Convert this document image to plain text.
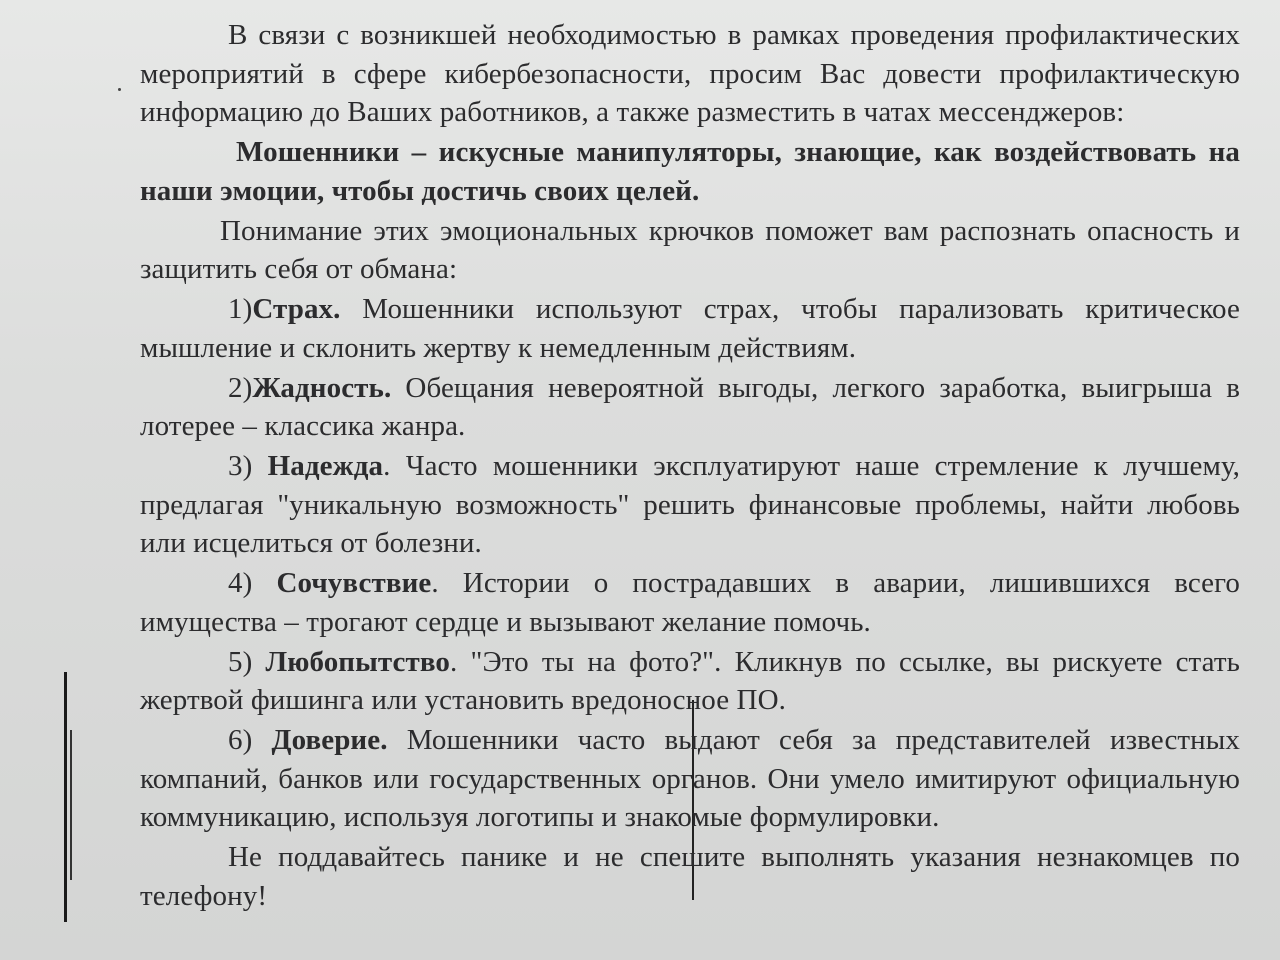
В связи с возникшей необходимостью в рамках проведения профилактических мероприятий в сфере кибербезопасности, просим Вас довести профилактическую информацию до Ваших работников, а также разместить в чатах мессенджеров:

Мошенники – искусные манипуляторы, знающие, как воздействовать на наши эмоции, чтобы достичь своих целей.

Понимание этих эмоциональных крючков поможет вам распознать опасность и защитить себя от обмана:

1)Страх. Мошенники используют страх, чтобы парализовать критическое мышление и склонить жертву к немедленным действиям.

2)Жадность. Обещания невероятной выгоды, легкого заработка, выигрыша в лотерее – классика жанра.

3) Надежда. Часто мошенники эксплуатируют наше стремление к лучшему, предлагая "уникальную возможность" решить финансовые проблемы, найти любовь или исцелиться от болезни.

4) Сочувствие. Истории о пострадавших в аварии, лишившихся всего имущества – трогают сердце и вызывают желание помочь.

5) Любопытство. "Это ты на фото?". Кликнув по ссылке, вы рискуете стать жертвой фишинга или установить вредоносное ПО.

6) Доверие. Мошенники часто выдают себя за представителей известных компаний, банков или государственных органов. Они умело имитируют официальную коммуникацию, используя логотипы и знакомые формулировки.

Не поддавайтесь панике и не спешите выполнять указания незнакомцев по телефону!
